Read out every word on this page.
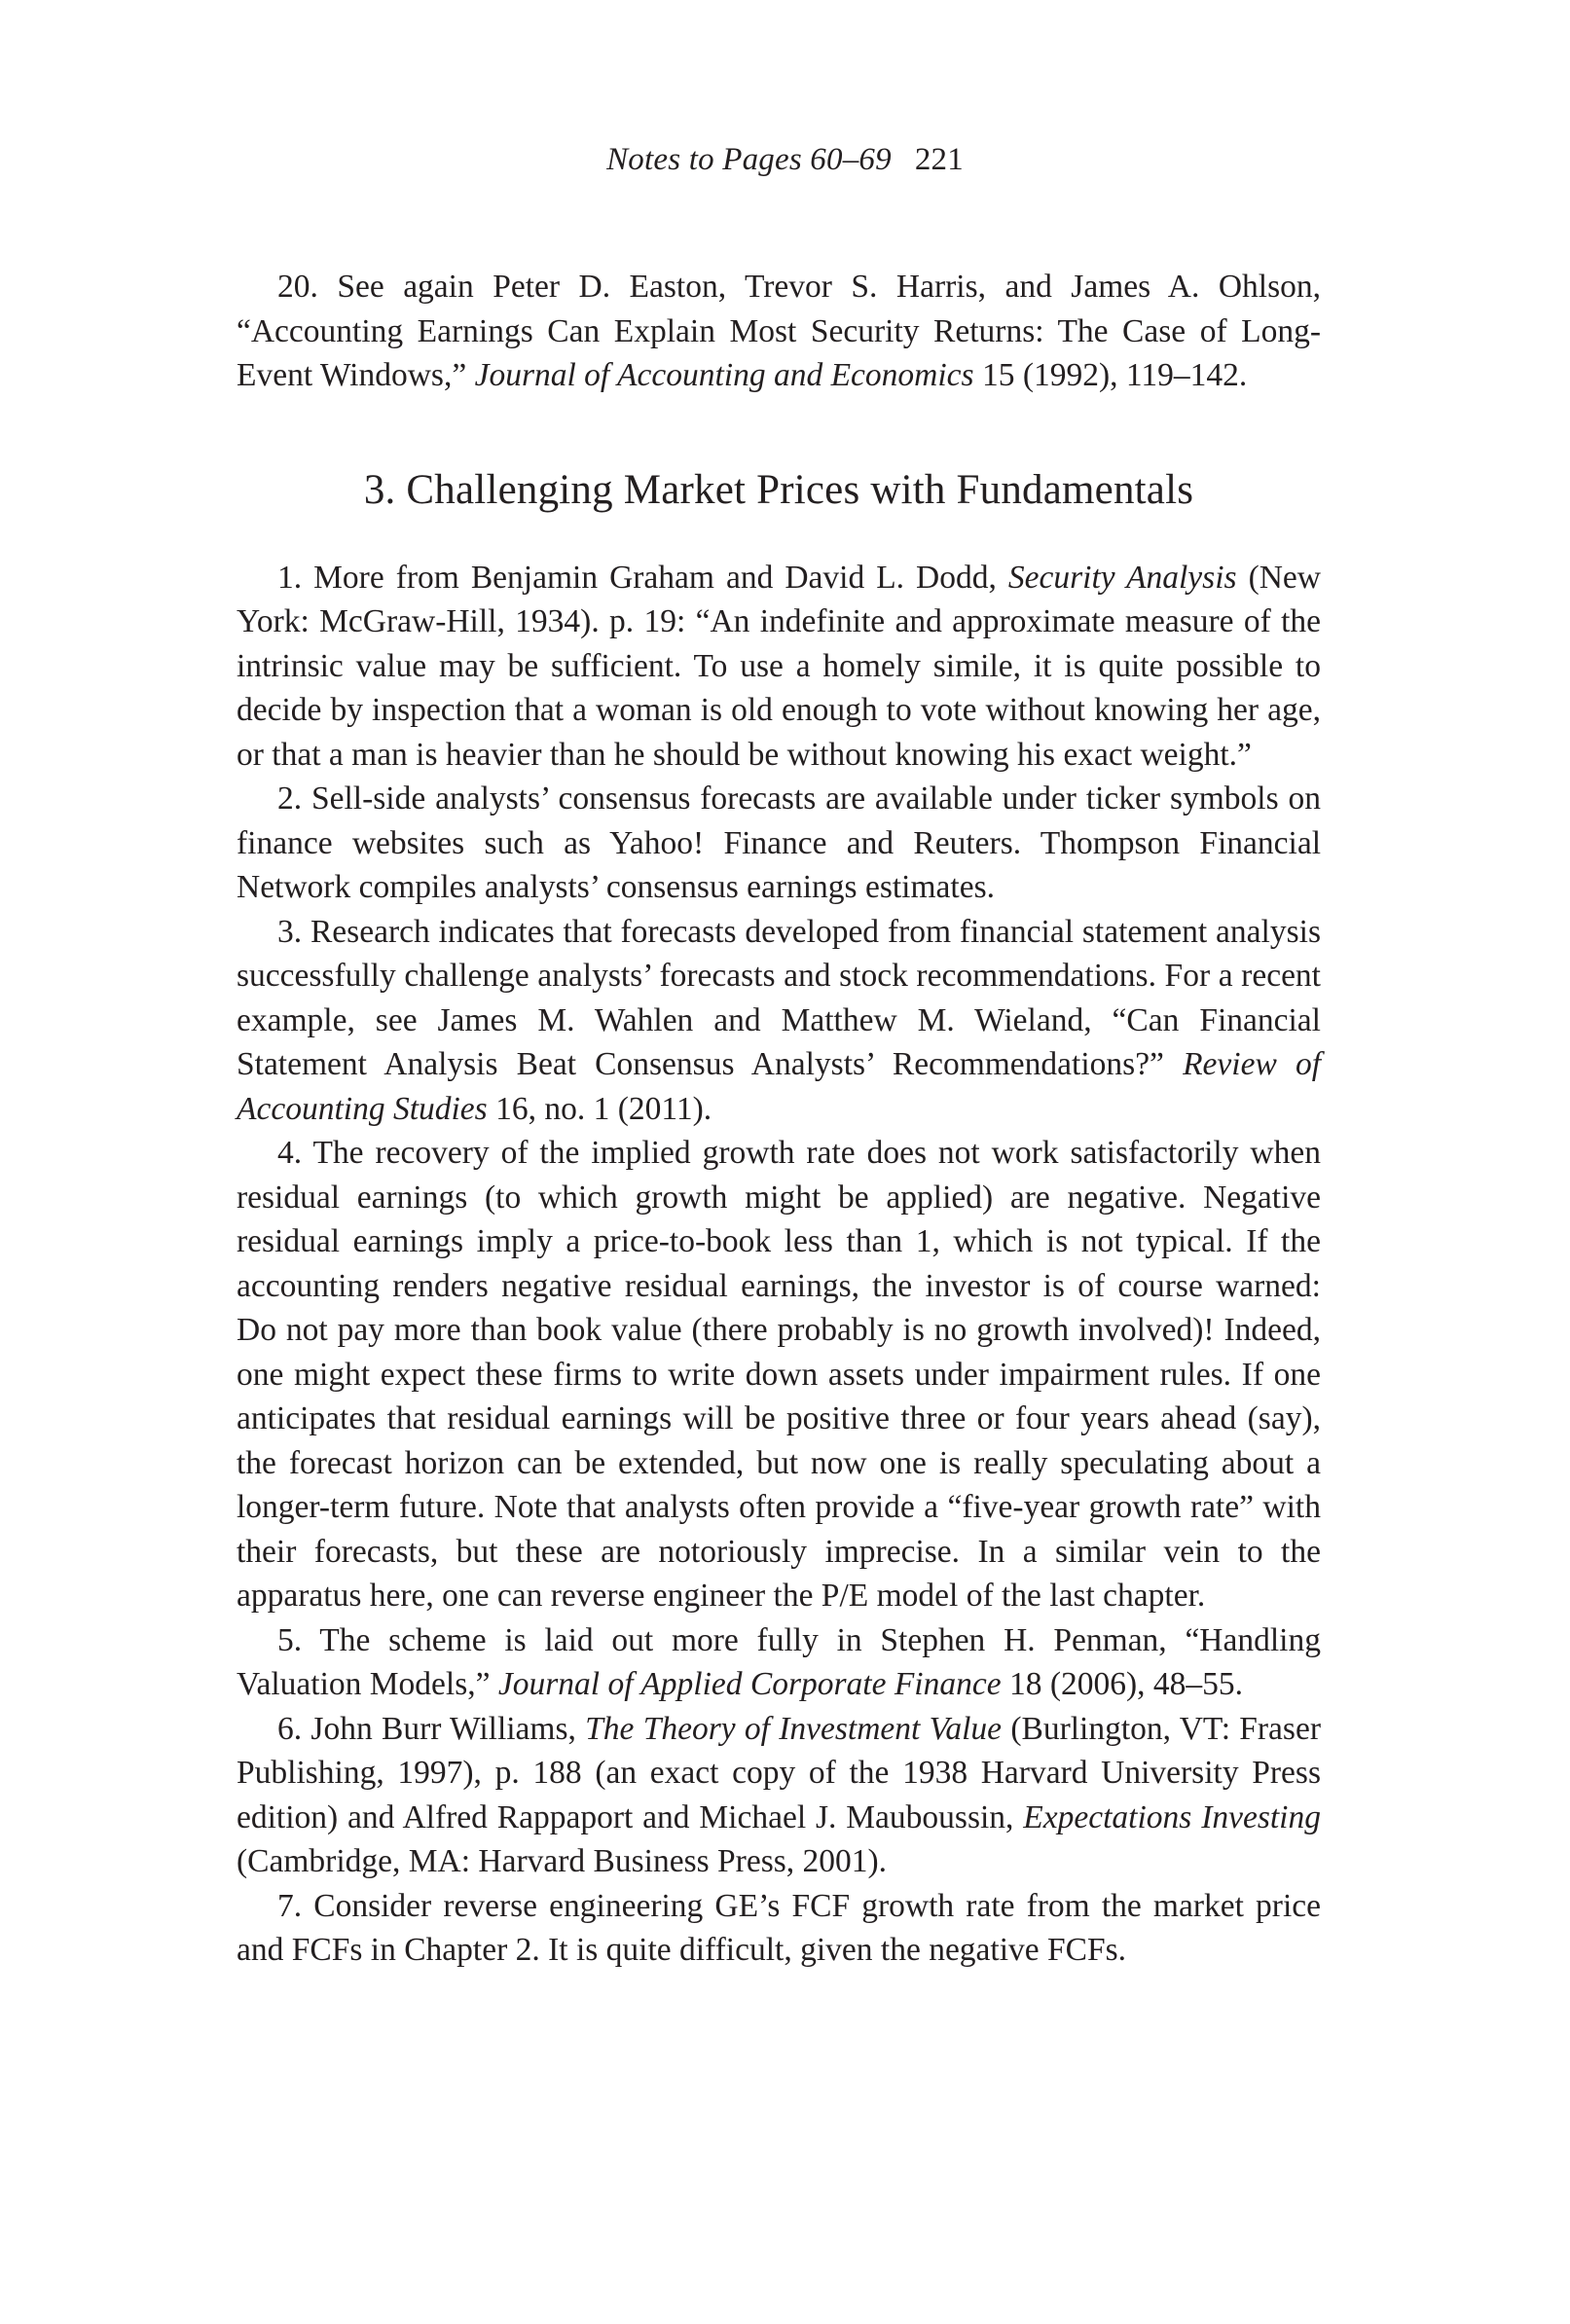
Notes to Pages 60–69 221

20. See again Peter D. Easton, Trevor S. Harris, and James A. Ohlson, “Accounting Earnings Can Explain Most Security Returns: The Case of Long-Event Windows,” Journal of Accounting and Economics 15 (1992), 119–142.

3. Challenging Market Prices with Fundamentals

1. More from Benjamin Graham and David L. Dodd, Security Analysis (New York: McGraw-Hill, 1934). p. 19: “An indefinite and approximate measure of the intrinsic value may be sufficient. To use a homely simile, it is quite possible to decide by inspection that a woman is old enough to vote without knowing her age, or that a man is heavier than he should be without knowing his exact weight.”

2. Sell-side analysts’ consensus forecasts are available under ticker symbols on finance websites such as Yahoo! Finance and Reuters. Thompson Financial Network compiles analysts’ consensus earnings estimates.

3. Research indicates that forecasts developed from financial statement analysis successfully challenge analysts’ forecasts and stock recommendations. For a recent example, see James M. Wahlen and Matthew M. Wieland, “Can Financial Statement Analysis Beat Consensus Analysts’ Recommendations?” Review of Accounting Studies 16, no. 1 (2011).

4. The recovery of the implied growth rate does not work satisfactorily when residual earnings (to which growth might be applied) are negative. Negative residual earnings imply a price-to-book less than 1, which is not typical. If the accounting renders negative residual earnings, the investor is of course warned: Do not pay more than book value (there probably is no growth involved)! Indeed, one might expect these firms to write down assets under impairment rules. If one anticipates that residual earnings will be positive three or four years ahead (say), the forecast horizon can be extended, but now one is really speculating about a longer-term future. Note that analysts often provide a “five-year growth rate” with their forecasts, but these are notoriously imprecise. In a similar vein to the apparatus here, one can reverse engineer the P/E model of the last chapter.

5. The scheme is laid out more fully in Stephen H. Penman, “Handling Valuation Models,” Journal of Applied Corporate Finance 18 (2006), 48–55.

6. John Burr Williams, The Theory of Investment Value (Burlington, VT: Fraser Publishing, 1997), p. 188 (an exact copy of the 1938 Harvard University Press edition) and Alfred Rappaport and Michael J. Mauboussin, Expectations Investing (Cambridge, MA: Harvard Business Press, 2001).

7. Consider reverse engineering GE’s FCF growth rate from the market price and FCFs in Chapter 2. It is quite difficult, given the negative FCFs.
